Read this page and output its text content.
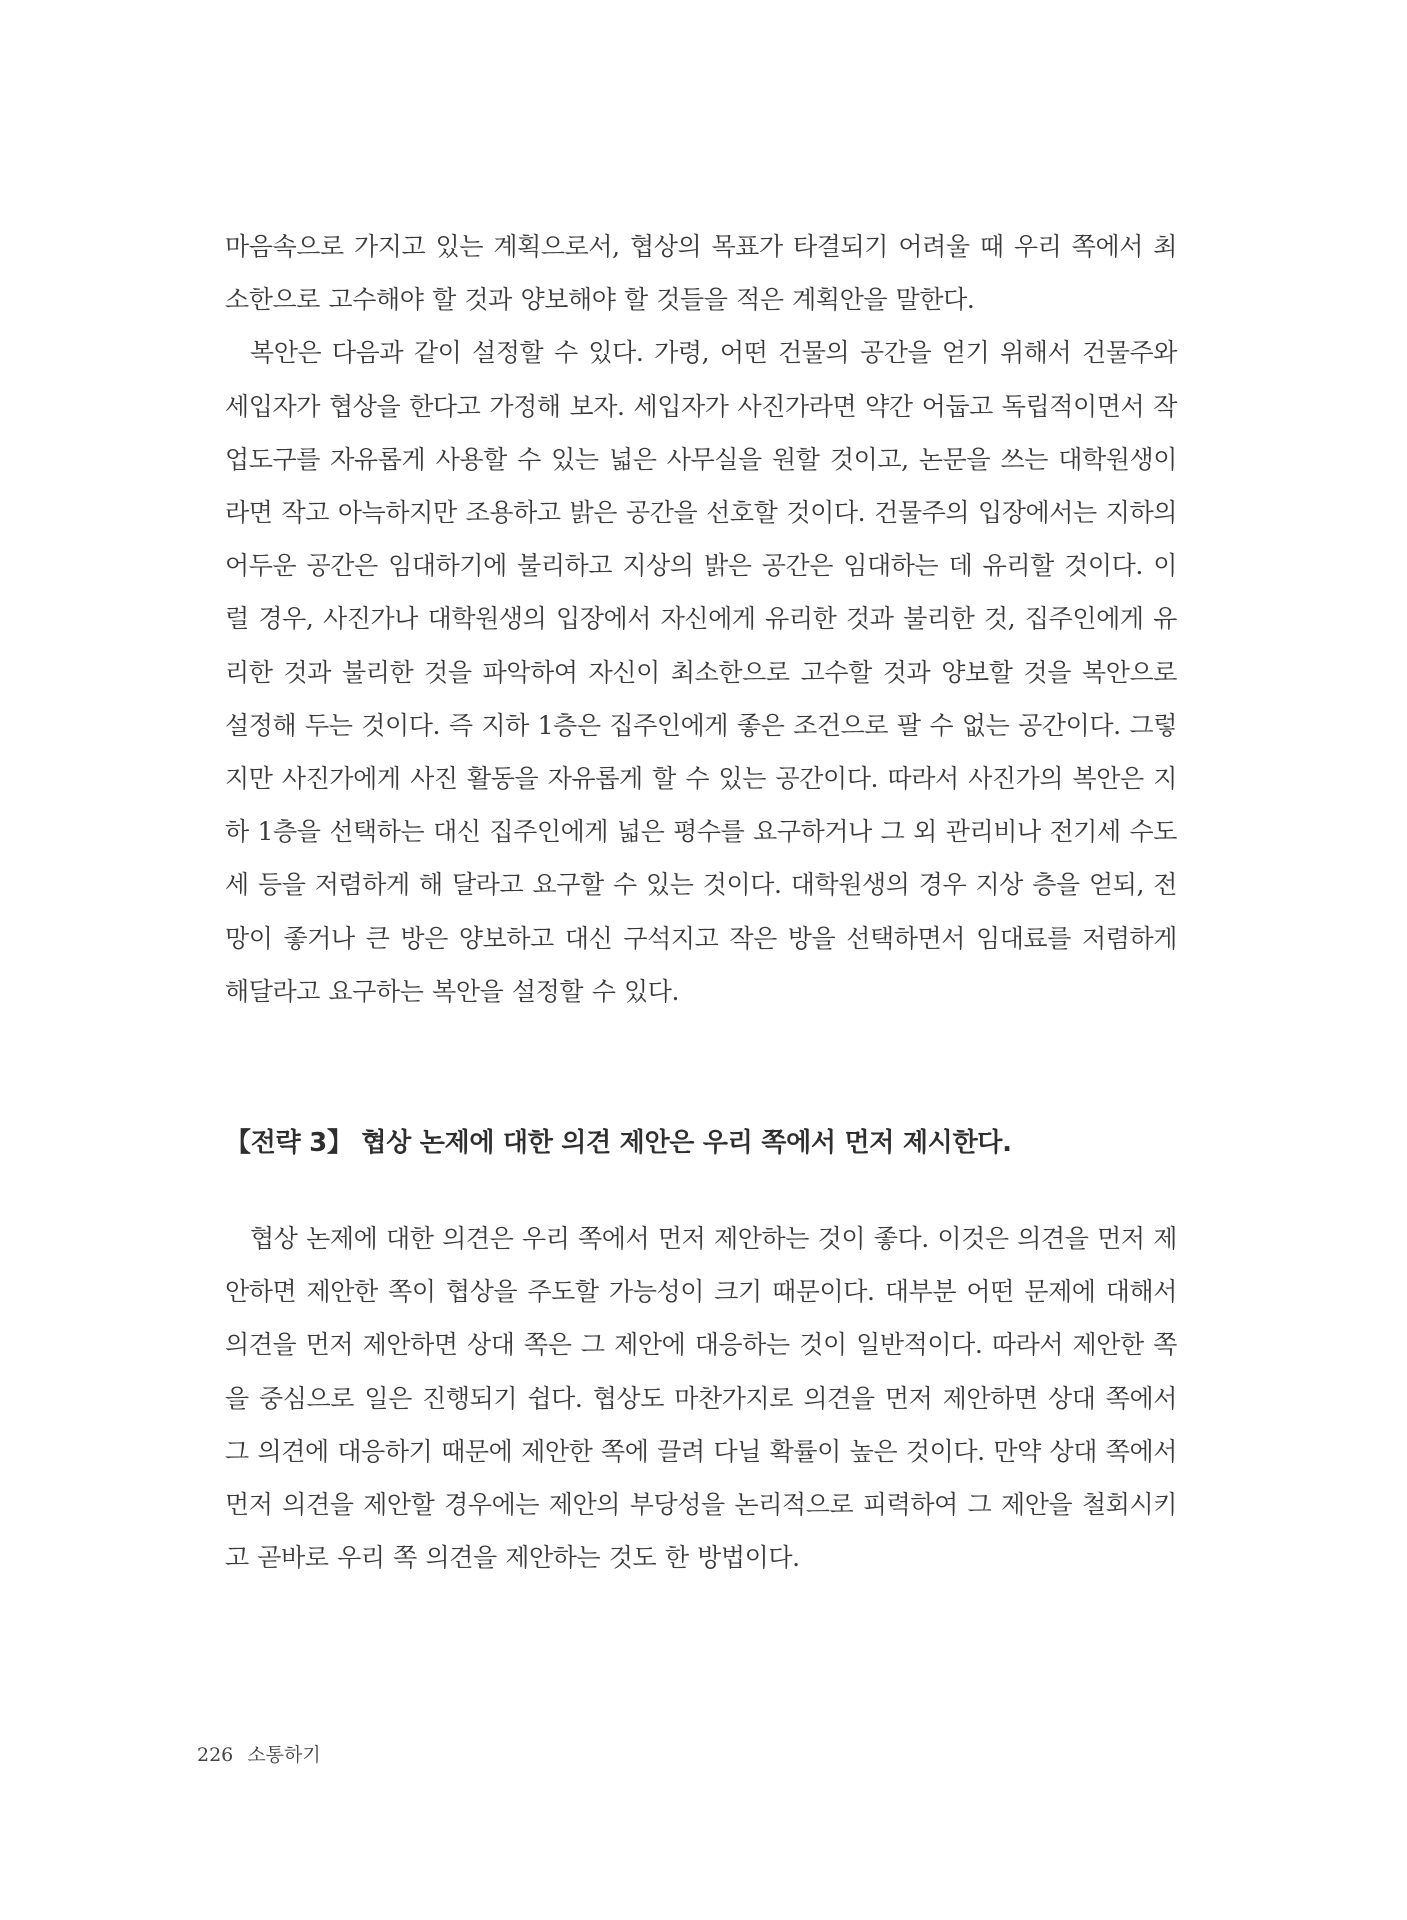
마음속으로 가지고 있는 계획으로서, 협상의 목표가 타결되기 어려울 때 우리 쪽에서 최소한으로 고수해야 할 것과 양보해야 할 것들을 적은 계획안을 말한다.

복안은 다음과 같이 설정할 수 있다. 가령, 어떤 건물의 공간을 얻기 위해서 건물주와 세입자가 협상을 한다고 가정해 보자. 세입자가 사진가라면 약간 어둡고 독립적이면서 작업도구를 자유롭게 사용할 수 있는 넓은 사무실을 원할 것이고, 논문을 쓰는 대학원생이라면 작고 아늑하지만 조용하고 밝은 공간을 선호할 것이다. 건물주의 입장에서는 지하의 어두운 공간은 임대하기에 불리하고 지상의 밝은 공간은 임대하는 데 유리할 것이다. 이럴 경우, 사진가나 대학원생의 입장에서 자신에게 유리한 것과 불리한 것, 집주인에게 유리한 것과 불리한 것을 파악하여 자신이 최소한으로 고수할 것과 양보할 것을 복안으로 설정해 두는 것이다. 즉 지하 1층은 집주인에게 좋은 조건으로 팔 수 없는 공간이다. 그렇지만 사진가에게 사진 활동을 자유롭게 할 수 있는 공간이다. 따라서 사진가의 복안은 지하 1층을 선택하는 대신 집주인에게 넓은 평수를 요구하거나 그 외 관리비나 전기세 수도세 등을 저렴하게 해 달라고 요구할 수 있는 것이다. 대학원생의 경우 지상 층을 얻되, 전망이 좋거나 큰 방은 양보하고 대신 구석지고 작은 방을 선택하면서 임대료를 저렴하게 해달라고 요구하는 복안을 설정할 수 있다.

【전략 3】 협상 논제에 대한 의견 제안은 우리 쪽에서 먼저 제시한다.

협상 논제에 대한 의견은 우리 쪽에서 먼저 제안하는 것이 좋다. 이것은 의견을 먼저 제안하면 제안한 쪽이 협상을 주도할 가능성이 크기 때문이다. 대부분 어떤 문제에 대해서 의견을 먼저 제안하면 상대 쪽은 그 제안에 대응하는 것이 일반적이다. 따라서 제안한 쪽을 중심으로 일은 진행되기 쉽다. 협상도 마찬가지로 의견을 먼저 제안하면 상대 쪽에서 그 의견에 대응하기 때문에 제안한 쪽에 끌려 다닐 확률이 높은 것이다. 만약 상대 쪽에서 먼저 의견을 제안할 경우에는 제안의 부당성을 논리적으로 피력하여 그 제안을 철회시키고 곧바로 우리 쪽 의견을 제안하는 것도 한 방법이다.

226 소통하기
